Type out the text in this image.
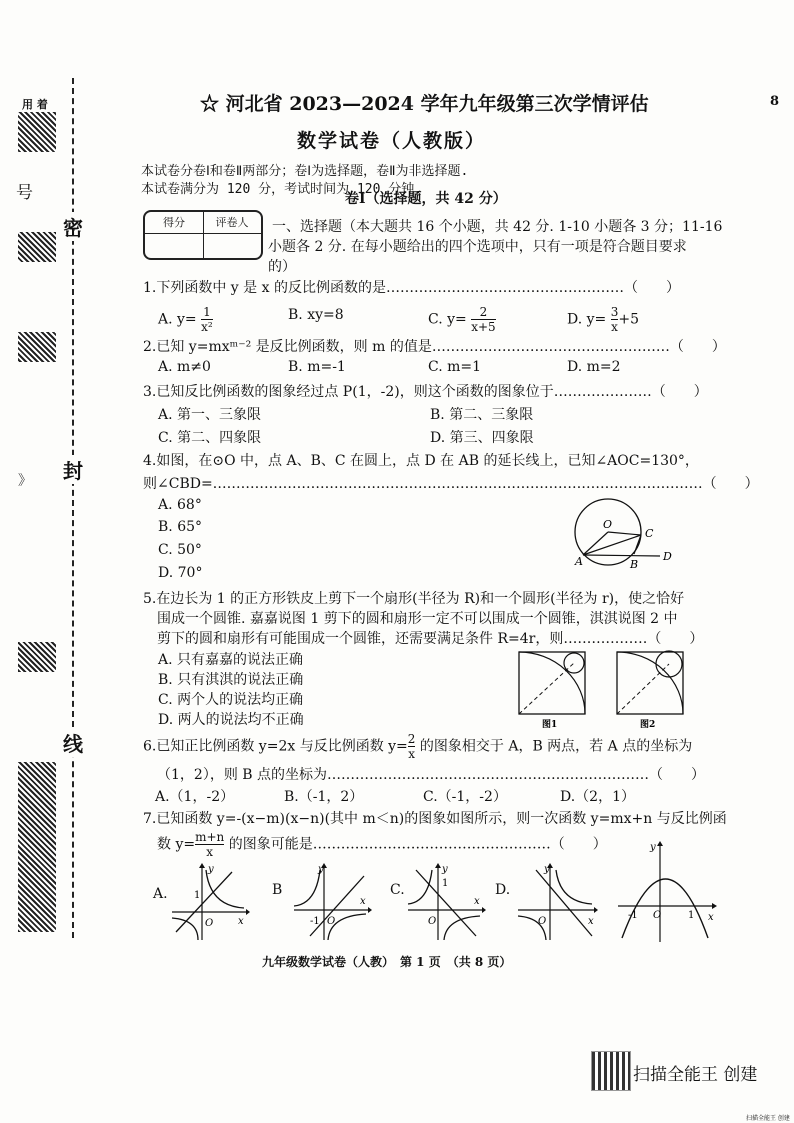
用 着
号
》
密
封
线
☆ 河北省 2023—2024 学年九年级第三次学情评估	8
数学试卷（人教版）
本试卷分卷Ⅰ和卷Ⅱ两部分；卷Ⅰ为选择题，卷Ⅱ为非选择题.
本试卷满分为 120 分，考试时间为 120 分钟.
卷Ⅰ（选择题，共 42 分）
得分	评卷人	一、选择题（本大题共 16 个小题，共 42 分. 1-10 小题各 3 分；11-16
小题各 2 分. 在每小题给出的四个选项中，只有一项是符合题目要求
的）
1.下列函数中 y 是 x 的反比例函数的是……………………………………………（　　）
A. $y= \frac{1}{\text{x²}}$	B. xy=8	C. $y= \frac{2}{x+5}$	D. $y= \frac{3}{x} +5$
2.已知 y=mxᵐ⁻² 是反比例函数，则 m 的值是……………………………………………（　　）
A. m≠0	B. m=-1	C. m=1	D. m=2
3.已知反比例函数的图象经过点 P(1，-2)，则这个函数的图象位于…………………（　　）
A. 第一、三象限	B. 第二、三象限
C. 第二、四象限	D. 第三、四象限
4.如图，在⊙O 中，点 A、B、C 在圆上，点 D 在 AB 的延长线上，已知∠AOC=130°，
则∠CBD=……………………………………………………………………………………………（　　）
A. 68°
B. 65°
C. 50°
D. 70°
O
A	B
C
D
5.在边长为 1 的正方形铁皮上剪下一个扇形(半径为 R)和一个圆形(半径为 r)，使之恰好
围成一个圆锥. 嘉嘉说图 1 剪下的圆和扇形一定不可以围成一个圆锥，淇淇说图 2 中
剪下的圆和扇形有可能围成一个圆锥，还需要满足条件 R=4r，则………………（　　）
A. 只有嘉嘉的说法正确
B. 只有淇淇的说法正确
C. 两个人的说法均正确
D. 两人的说法均不正确	图1	图2
6.已知正比例函数 y=2x 与反比例函数 $y= \frac{2}{x}$ 的图象相交于 A，B 两点，若 A 点的坐标为
（1，2），则 B 点的坐标为……………………………………………………………（　　）
A.（1，-2）	B.（-1，2）	C.（-1，-2）	D.（2，1）
7.已知函数 y=-(x−m)(x−n)(其中 m＜n)的图象如图所示，则一次函数 y=mx+n 与反比例函
数 $y= \frac{m+n}{x}$ 的图象可能是……………………………………………（　　）
A.	B	C.	D.
y
x
O
1
y
x
O
-1
y
x
O
1
y
x
O
y
x
O
-1	1
九年级数学试卷（人教）　第 1 页　（共 8 页）
扫描全能王 创建
扫描全能王 创建
